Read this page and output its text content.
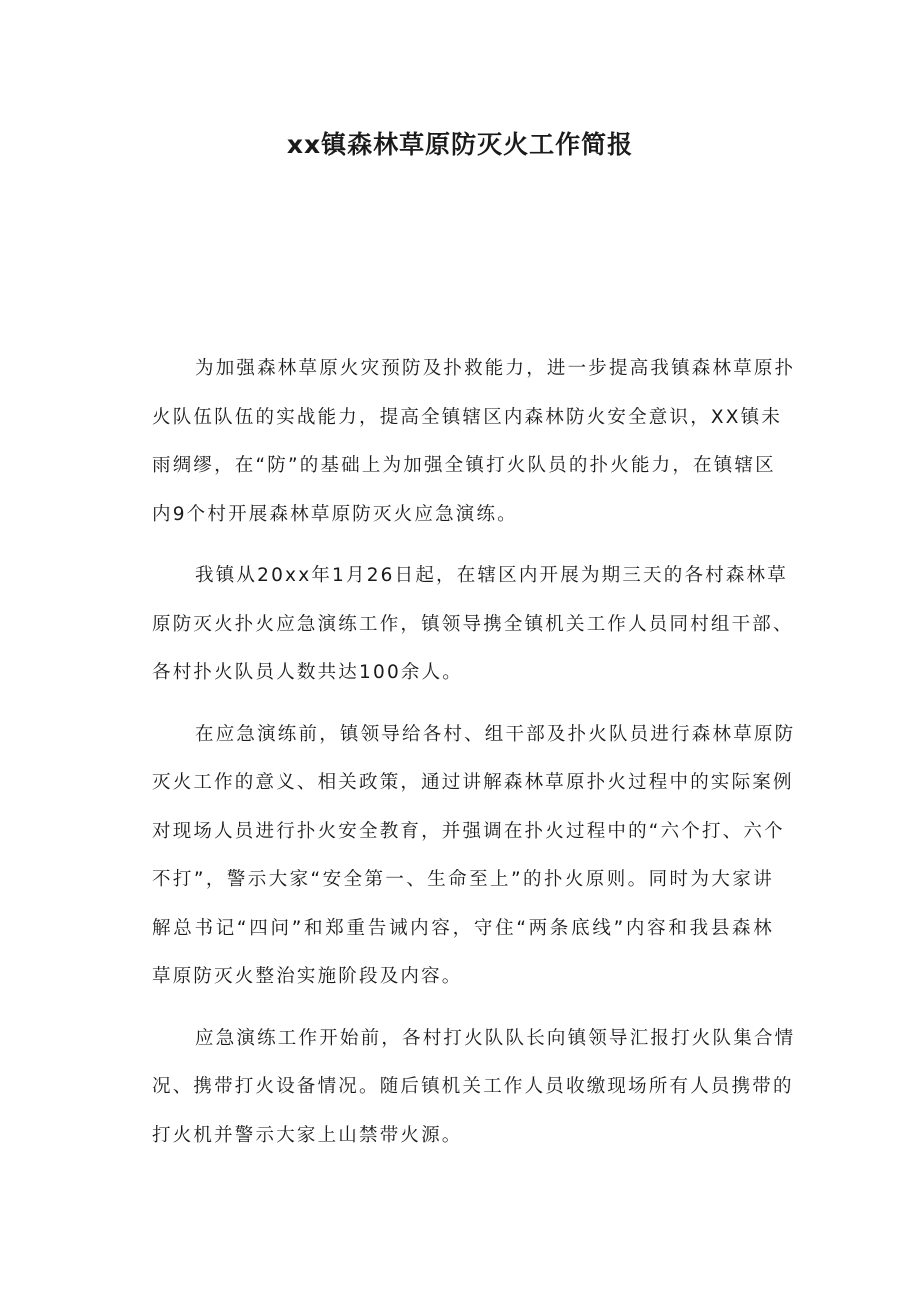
xx镇森林草原防灭火工作简报

为加强森林草原火灾预防及扑救能力，进一步提高我镇森林草原扑
火队伍队伍的实战能力，提高全镇辖区内森林防火安全意识，XX镇未
雨绸缪，在“防”的基础上为加强全镇打火队员的扑火能力，在镇辖区
内9个村开展森林草原防灭火应急演练。

我镇从20xx年1月26日起，在辖区内开展为期三天的各村森林草
原防灭火扑火应急演练工作，镇领导携全镇机关工作人员同村组干部、
各村扑火队员人数共达100余人。

在应急演练前，镇领导给各村、组干部及扑火队员进行森林草原防
灭火工作的意义、相关政策，通过讲解森林草原扑火过程中的实际案例
对现场人员进行扑火安全教育，并强调在扑火过程中的“六个打、六个
不打”，警示大家“安全第一、生命至上”的扑火原则。同时为大家讲
解总书记“四问”和郑重告诫内容，守住“两条底线”内容和我县森林
草原防灭火整治实施阶段及内容。

应急演练工作开始前，各村打火队队长向镇领导汇报打火队集合情
况、携带打火设备情况。随后镇机关工作人员收缴现场所有人员携带的
打火机并警示大家上山禁带火源。
